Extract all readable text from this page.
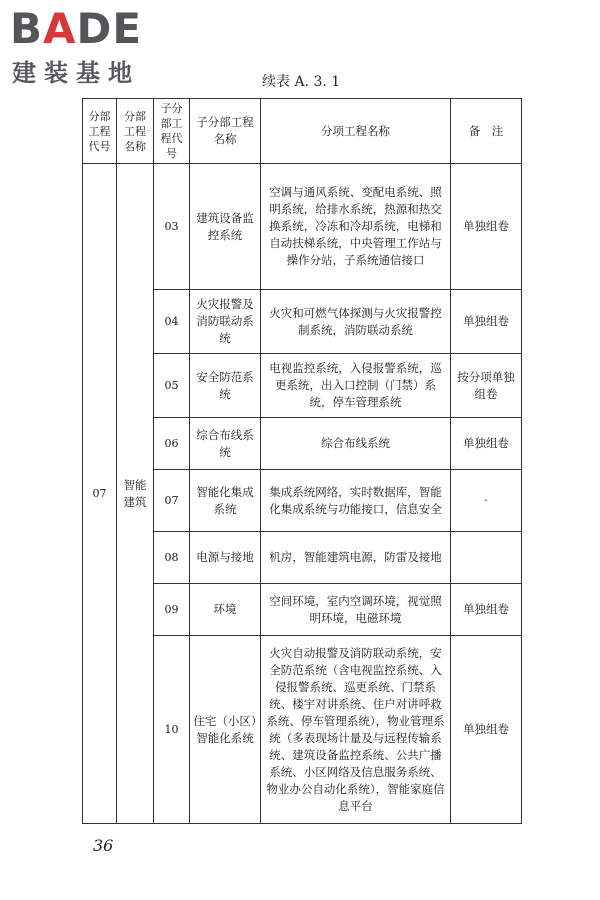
BADE
建装基地	续表 A. 3. 1
分部工程代号	分部工程名称	子分部工程代号	子分部工程名称	分项工程名称	备　注
07	智能建筑	03	建筑设备监控系统	空调与通风系统、变配电系统、照明系统，给排水系统，热源和热交换系统，冷冻和冷却系统，电梯和自动扶梯系统，中央管理工作站与操作分站，子系统通信接口	单独组卷
		04	火灾报警及消防联动系统	火灾和可燃气体探测与火灾报警控制系统，消防联动系统	单独组卷
		05	安全防范系统	电视监控系统，入侵报警系统，巡更系统，出入口控制（门禁）系统，停车管理系统	按分项单独组卷
		06	综合布线系统	综合布线系统	单独组卷
		07	智能化集成系统	集成系统网络，实时数据库，智能化集成系统与功能接口，信息安全	·
		08	电源与接地	机房，智能建筑电源，防雷及接地	
		09	环境	空间环境，室内空调环境，视觉照明环境，电磁环境	单独组卷
		10	住宅（小区）智能化系统	火灾自动报警及消防联动系统，安全防范系统（含电视监控系统、入侵报警系统、巡更系统、门禁系统、楼宇对讲系统、住户对讲呼救系统、停车管理系统），物业管理系统（多表现场计量及与远程传输系统、建筑设备监控系统、公共广播系统、小区网络及信息服务系统、物业办公自动化系统），智能家庭信息平台	单独组卷
36
